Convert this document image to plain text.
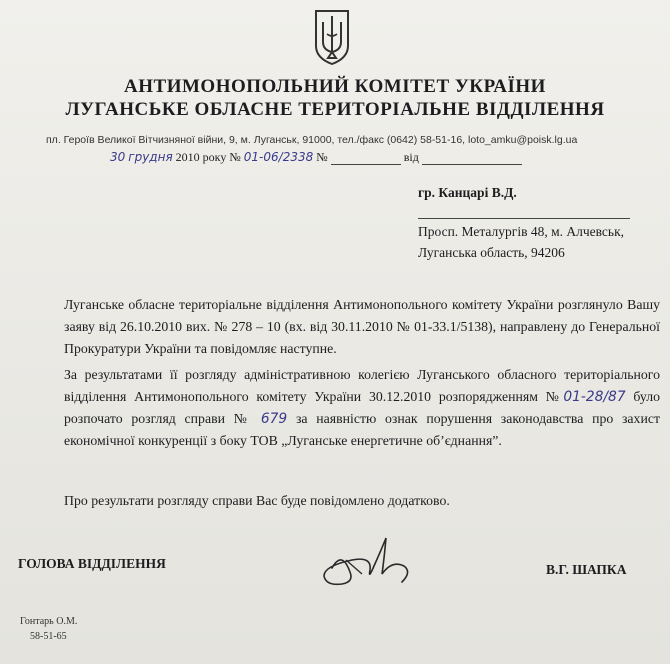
АНТИМОНОПОЛЬНИЙ КОМІТЕТ УКРАЇНИ
ЛУГАНСЬКЕ ОБЛАСНЕ ТЕРИТОРІАЛЬНЕ ВІДДІЛЕННЯ
пл. Героїв Великої Вітчизняної війни, 9, м. Луганськ, 91000, тел./факс (0642) 58-51-16, loto_amku@poisk.lg.ua
30 грудня 2010 року № 01-06/2338 №	від
гр. Канцарі В.Д.
Просп. Металургів 48, м. Алчевськ,
Луганська область, 94206
Луганське обласне територіальне відділення Антимонопольного комітету України розглянуло Вашу заяву від 26.10.2010 вих. № 278 – 10 (вх. від 30.11.2010 № 01-33.1/5138), направлену до Генеральної Прокуратури України та повідомляє наступне.
За результатами її розгляду адміністративною колегією Луганського обласного територіального відділення Антимонопольного комітету України 30.12.2010 розпорядженням №01-28/87 було розпочато розгляд справи № 679 за наявністю ознак порушення законодавства про захист економічної конкуренції з боку ТОВ „Луганське енергетичне об’єднання”.
Про результати розгляду справи Вас буде повідомлено додатково.
ГОЛОВА ВІДДІЛЕННЯ	В.Г. ШАПКА
Гонтарь О.М.
58-51-65
